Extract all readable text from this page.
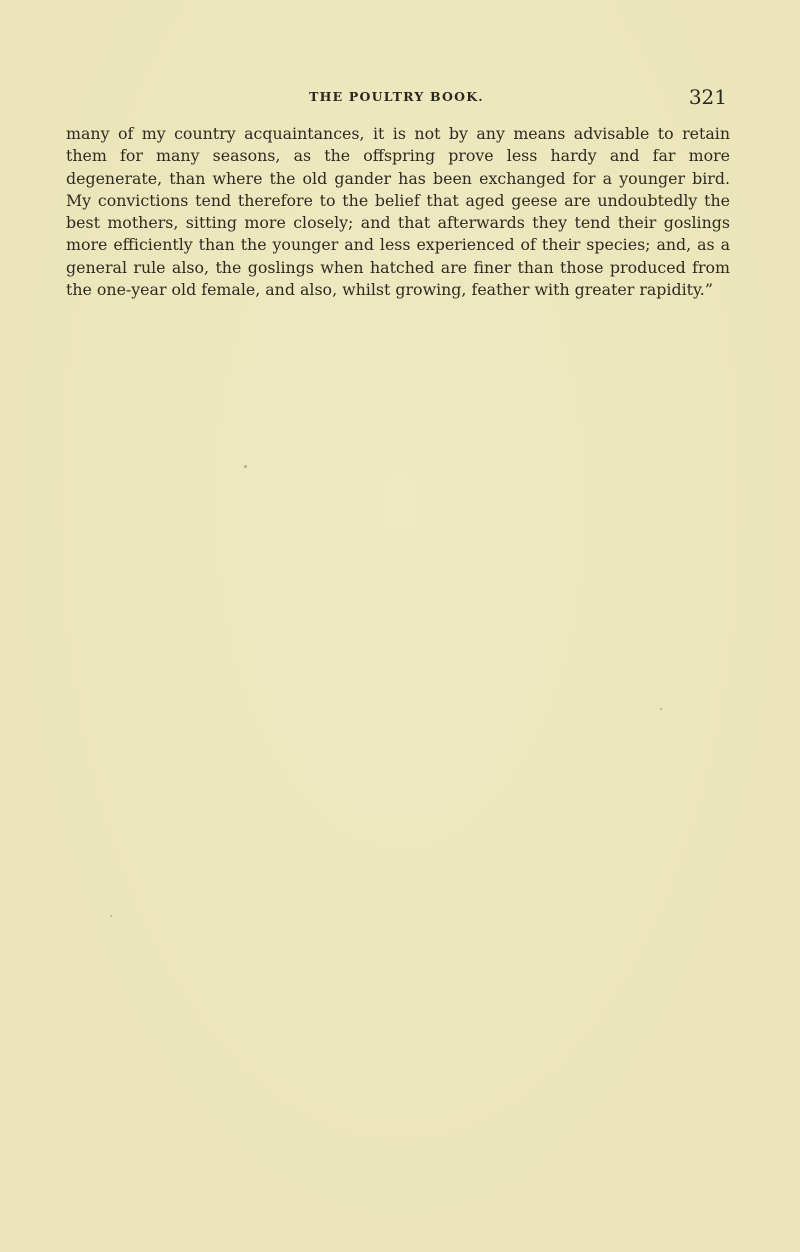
THE POULTRY BOOK.	321

many of my country acquaintances, it is not by any means advisable to retain them for many seasons, as the offspring prove less hardy and far more degenerate, than where the old gander has been exchanged for a younger bird. My convictions tend therefore to the belief that aged geese are undoubtedly the best mothers, sitting more closely; and that afterwards they tend their goslings more efficiently than the younger and less experienced of their species; and, as a general rule also, the goslings when hatched are finer than those produced from the one-year old female, and also, whilst growing, feather with greater rapidity.”
